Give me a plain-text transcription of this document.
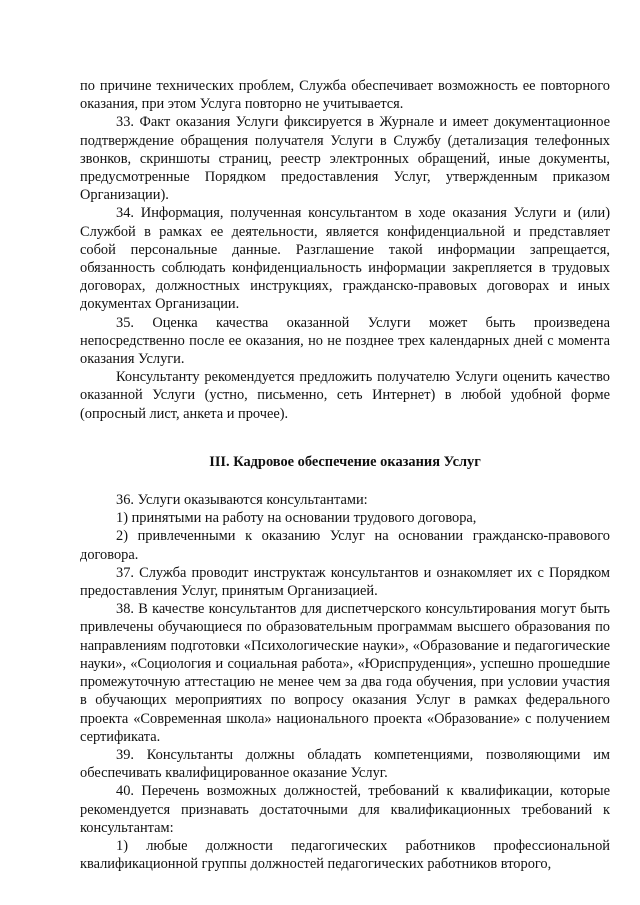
по причине технических проблем, Служба обеспечивает возможность ее повторного оказания, при этом Услуга повторно не учитывается.

33. Факт оказания Услуги фиксируется в Журнале и имеет документационное подтверждение обращения получателя Услуги в Службу (детализация телефонных звонков, скриншоты страниц, реестр электронных обращений, иные документы, предусмотренные Порядком предоставления Услуг, утвержденным приказом Организации).

34. Информация, полученная консультантом в ходе оказания Услуги и (или) Службой в рамках ее деятельности, является конфиденциальной и представляет собой персональные данные. Разглашение такой информации запрещается, обязанность соблюдать конфиденциальность информации закрепляется в трудовых договорах, должностных инструкциях, гражданско-правовых договорах и иных документах Организации.

35. Оценка качества оказанной Услуги может быть произведена непосредственно после ее оказания, но не позднее трех календарных дней с момента оказания Услуги.

Консультанту рекомендуется предложить получателю Услуги оценить качество оказанной Услуги (устно, письменно, сеть Интернет) в любой удобной форме (опросный лист, анкета и прочее).

III. Кадровое обеспечение оказания Услуг

36. Услуги оказываются консультантами:

1) принятыми на работу на основании трудового договора,

2) привлеченными к оказанию Услуг на основании гражданско-правового договора.

37. Служба проводит инструктаж консультантов и ознакомляет их с Порядком предоставления Услуг, принятым Организацией.

38. В качестве консультантов для диспетчерского консультирования могут быть привлечены обучающиеся по образовательным программам высшего образования по направлениям подготовки «Психологические науки», «Образование и педагогические науки», «Социология и социальная работа», «Юриспруденция», успешно прошедшие промежуточную аттестацию не менее чем за два года обучения, при условии участия в обучающих мероприятиях по вопросу оказания Услуг в рамках федерального проекта «Современная школа» национального проекта «Образование» с получением сертификата.

39. Консультанты должны обладать компетенциями, позволяющими им обеспечивать квалифицированное оказание Услуг.

40. Перечень возможных должностей, требований к квалификации, которые рекомендуется признавать достаточными для квалификационных требований к консультантам:

1) любые должности педагогических работников профессиональной квалификационной группы должностей педагогических работников второго,
